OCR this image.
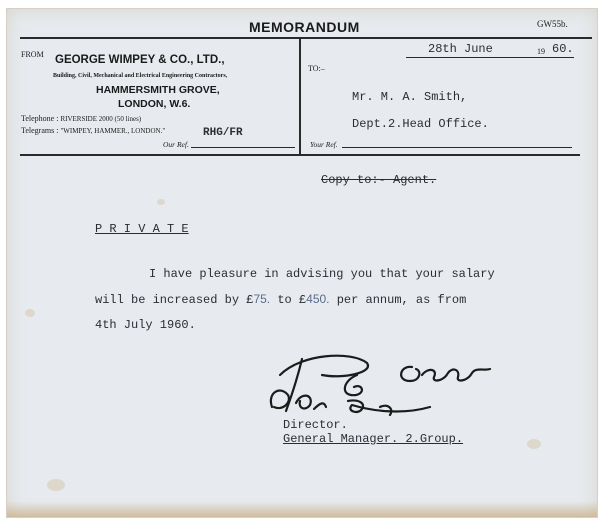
MEMORANDUM	GW55b.
FROM GEORGE WIMPEY & CO., LTD.,
Building, Civil, Mechanical and Electrical Engineering Contractors,
HAMMERSMITH GROVE,
LONDON, W.6.
Telephone : RIVERSIDE 2000 (50 lines)
Telegrams : "WIMPEY, HAMMER., LONDON."	RHG/FR
Our Ref.
28th June	19 60.
TO:–
Mr. M. A. Smith,
Dept.2.Head Office.
Your Ref.
Copy to:- Agent.
P R I V A T E
I have pleasure in advising you that your salary
will be increased by £75. to £450. per annum, as from
4th July 1960.
Director.
General Manager. 2.Group.
